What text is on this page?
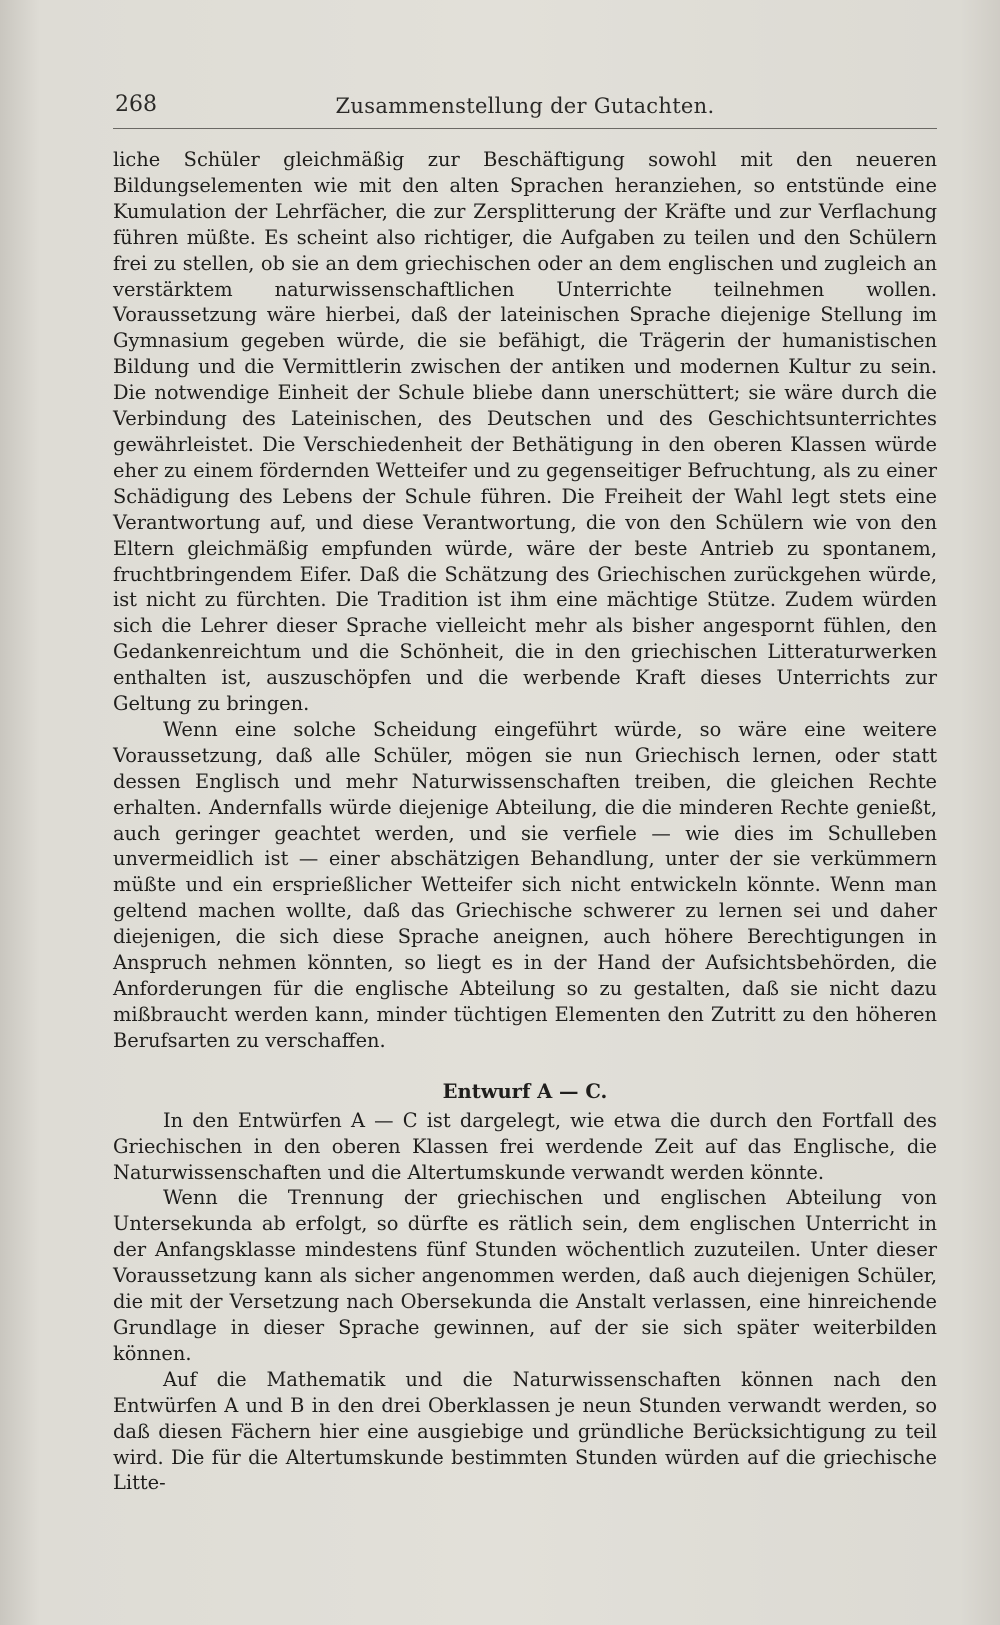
268	Zusammenstellung der Gutachten.

liche Schüler gleichmäßig zur Beschäftigung sowohl mit den neueren Bildungselementen wie mit den alten Sprachen heranziehen, so entstünde eine Kumulation der Lehrfächer, die zur Zersplitterung der Kräfte und zur Verflachung führen müßte. Es scheint also richtiger, die Aufgaben zu teilen und den Schülern frei zu stellen, ob sie an dem griechischen oder an dem englischen und zugleich an verstärktem naturwissenschaftlichen Unterrichte teilnehmen wollen. Voraussetzung wäre hierbei, daß der lateinischen Sprache diejenige Stellung im Gymnasium gegeben würde, die sie befähigt, die Trägerin der humanistischen Bildung und die Vermittlerin zwischen der antiken und modernen Kultur zu sein. Die notwendige Einheit der Schule bliebe dann unerschüttert; sie wäre durch die Verbindung des Lateinischen, des Deutschen und des Geschichtsunterrichtes gewährleistet. Die Verschiedenheit der Bethätigung in den oberen Klassen würde eher zu einem fördernden Wetteifer und zu gegenseitiger Befruchtung, als zu einer Schädigung des Lebens der Schule führen. Die Freiheit der Wahl legt stets eine Verantwortung auf, und diese Verantwortung, die von den Schülern wie von den Eltern gleichmäßig empfunden würde, wäre der beste Antrieb zu spontanem, fruchtbringendem Eifer. Daß die Schätzung des Griechischen zurückgehen würde, ist nicht zu fürchten. Die Tradition ist ihm eine mächtige Stütze. Zudem würden sich die Lehrer dieser Sprache vielleicht mehr als bisher angespornt fühlen, den Gedankenreichtum und die Schönheit, die in den griechischen Litteraturwerken enthalten ist, auszuschöpfen und die werbende Kraft dieses Unterrichts zur Geltung zu bringen.

Wenn eine solche Scheidung eingeführt würde, so wäre eine weitere Voraussetzung, daß alle Schüler, mögen sie nun Griechisch lernen, oder statt dessen Englisch und mehr Naturwissenschaften treiben, die gleichen Rechte erhalten. Andernfalls würde diejenige Abteilung, die die minderen Rechte genießt, auch geringer geachtet werden, und sie verfiele — wie dies im Schulleben unvermeidlich ist — einer abschätzigen Behandlung, unter der sie verkümmern müßte und ein ersprießlicher Wetteifer sich nicht entwickeln könnte. Wenn man geltend machen wollte, daß das Griechische schwerer zu lernen sei und daher diejenigen, die sich diese Sprache aneignen, auch höhere Berechtigungen in Anspruch nehmen könnten, so liegt es in der Hand der Aufsichtsbehörden, die Anforderungen für die englische Abteilung so zu gestalten, daß sie nicht dazu mißbraucht werden kann, minder tüchtigen Elementen den Zutritt zu den höheren Berufsarten zu verschaffen.

Entwurf A — C.

In den Entwürfen A — C ist dargelegt, wie etwa die durch den Fortfall des Griechischen in den oberen Klassen frei werdende Zeit auf das Englische, die Naturwissenschaften und die Altertumskunde verwandt werden könnte.

Wenn die Trennung der griechischen und englischen Abteilung von Untersekunda ab erfolgt, so dürfte es rätlich sein, dem englischen Unterricht in der Anfangsklasse mindestens fünf Stunden wöchentlich zuzuteilen. Unter dieser Voraussetzung kann als sicher angenommen werden, daß auch diejenigen Schüler, die mit der Versetzung nach Obersekunda die Anstalt verlassen, eine hinreichende Grundlage in dieser Sprache gewinnen, auf der sie sich später weiterbilden können.

Auf die Mathematik und die Naturwissenschaften können nach den Entwürfen A und B in den drei Oberklassen je neun Stunden verwandt werden, so daß diesen Fächern hier eine ausgiebige und gründliche Berücksichtigung zu teil wird. Die für die Altertumskunde bestimmten Stunden würden auf die griechische Litte-
